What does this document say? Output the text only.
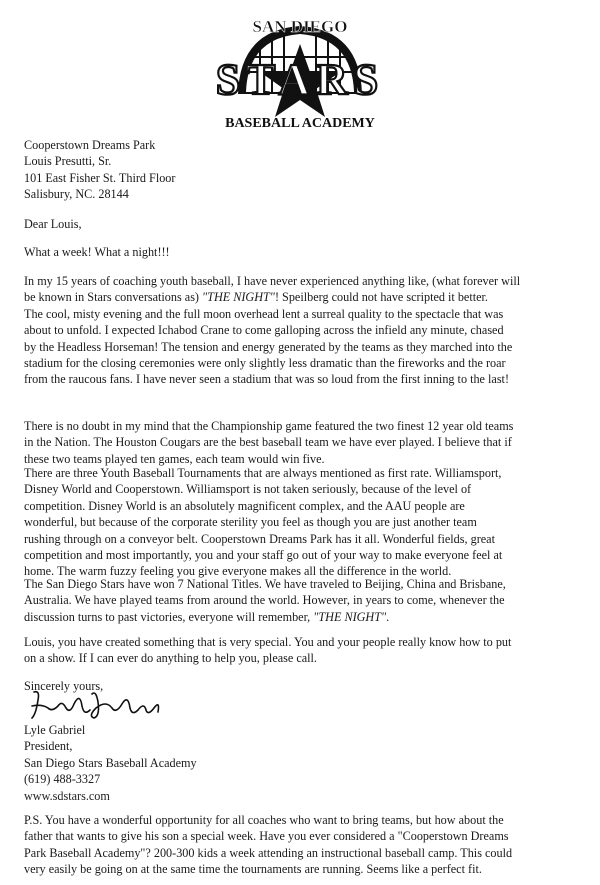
SAN DIEGO
STARS
BASEBALL ACADEMY
Cooperstown Dreams Park
Louis Presutti, Sr.
101 East Fisher St. Third Floor
Salisbury, NC. 28144
Dear Louis,
What a week! What a night!!!
In my 15 years of coaching youth baseball, I have never experienced anything like, (what forever will
be known in Stars conversations as) "THE NIGHT"! Speilberg could not have scripted it better.
The cool, misty evening and the full moon overhead lent a surreal quality to the spectacle that was
about to unfold. I expected Ichabod Crane to come galloping across the infield any minute, chased
by the Headless Horseman! The tension and energy generated by the teams as they marched into the
stadium for the closing ceremonies were only slightly less dramatic than the fireworks and the roar
from the raucous fans. I have never seen a stadium that was so loud from the first inning to the last!
There is no doubt in my mind that the Championship game featured the two finest 12 year old teams
in the Nation. The Houston Cougars are the best baseball team we have ever played. I believe that if
these two teams played ten games, each team would win five.
There are three Youth Baseball Tournaments that are always mentioned as first rate. Williamsport,
Disney World and Cooperstown. Williamsport is not taken seriously, because of the level of
competition. Disney World is an absolutely magnificent complex, and the AAU people are
wonderful, but because of the corporate sterility you feel as though you are just another team
rushing through on a conveyor belt. Cooperstown Dreams Park has it all. Wonderful fields, great
competition and most importantly, you and your staff go out of your way to make everyone feel at
home. The warm fuzzy feeling you give everyone makes all the difference in the world.
The San Diego Stars have won 7 National Titles. We have traveled to Beijing, China and Brisbane,
Australia. We have played teams from around the world. However, in years to come, whenever the
discussion turns to past victories, everyone will remember, "THE NIGHT".
Louis, you have created something that is very special. You and your people really know how to put
on a show. If I can ever do anything to help you, please call.
Sincerely yours,
Lyle Gabriel
President,
San Diego Stars Baseball Academy
(619) 488-3327
www.sdstars.com
P.S. You have a wonderful opportunity for all coaches who want to bring teams, but how about the
father that wants to give his son a special week. Have you ever considered a "Cooperstown Dreams
Park Baseball Academy"? 200-300 kids a week attending an instructional baseball camp. This could
very easily be going on at the same time the tournaments are running. Seems like a perfect fit.
